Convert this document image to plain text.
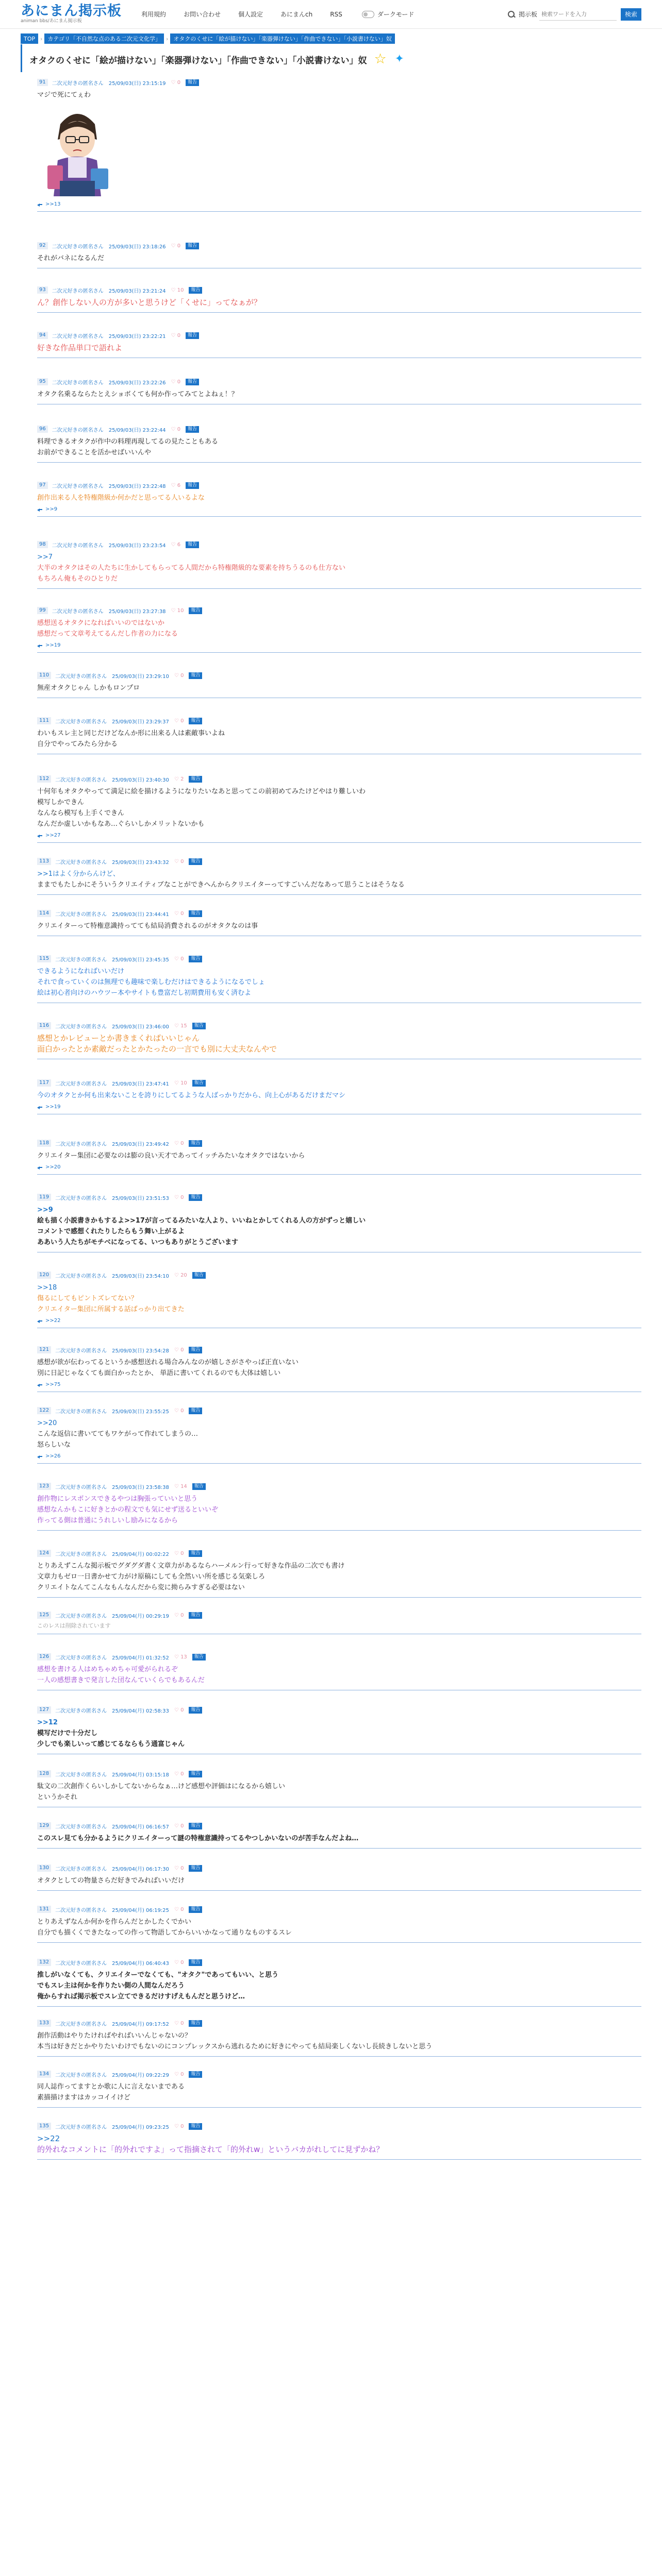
あにまん掲示板
animan bbs/あにまん掲示板
利用規約	お問い合わせ	個人設定	あにまんch	RSS	ダークモード	掲示板
検索ワードを入力	検索
TOP › カテゴリ「不自然な点のある二次元文化学」 › オタクのくせに「絵が描けない」「楽器弾けない」「作曲できない」「小説書けない」奴
オタクのくせに「絵が描けない」「楽器弾けない」「作曲できない」「小説書けない」奴 ☆ ✦
91	二次元好きの匿名さん 25/09/03(日) 23:15:19 ♡ 0	報告
マジで死にてぇわ
>>13
92	二次元好きの匿名さん 25/09/03(日) 23:18:26 ♡ 0	報告
それがバネになるんだ
93	二次元好きの匿名さん 25/09/03(日) 23:21:24 ♡ 10	報告
ん？創作しない人の方が多いと思うけど「くせに」ってなぁが？
94	二次元好きの匿名さん 25/09/03(日) 23:22:21 ♡ 0	報告
好きな作品単口で語れよ
95	二次元好きの匿名さん 25/09/03(日) 23:22:26 ♡ 0	報告
オタク名乗るならたとえショボくても何か作ってみてとよねぇ！？
96	二次元好きの匿名さん 25/09/03(日) 23:22:44 ♡ 0	報告
料理できるオタクが作中の料理再現してるの見たこともある
お前ができることを活かせばいいんや
97	二次元好きの匿名さん 25/09/03(日) 23:22:48 ♡ 6	報告
創作出来る人を特権階級か何かだと思ってる人いるよな
>>9
98	二次元好きの匿名さん 25/09/03(日) 23:23:54 ♡ 6	報告
>>7
大半のオタクはその人たちに生かしてもらってる人間だから特権階級的な要素を持ちうるのも仕方ない
もちろん俺もそのひとりだ
99	二次元好きの匿名さん 25/09/03(日) 23:27:38 ♡ 10	報告
感想送るオタクになればいいのではないか
感想だって文章考えてるんだし作者の力になる
>>19
110	二次元好きの匿名さん 25/09/03(日) 23:29:10 ♡ 0	報告
無産オタクじゃん しかもロンプロ
111	二次元好きの匿名さん 25/09/03(日) 23:29:37 ♡ 0	報告
わいもスレ主と同じだけどなんか形に出来る人は素敵事いよね
自分でやってみたら分かる
112	二次元好きの匿名さん 25/09/03(日) 23:40:30 ♡ 2	報告
十何年もオタクやってて満足に絵を描けるようになりたいなあと思ってこの前初めてみたけどやはり難しいわ
模写しかできん
なんなら模写も上手くできん
なんだか虚しいかもなあ…ぐらいしかメリットないかも
>>27
113	二次元好きの匿名さん 25/09/03(日) 23:43:32 ♡ 0	報告
>>1はよく分からんけど、
ままでもたしかにそういうクリエイティブなことができへんからクリエイターってすごいんだなあって思うことはそうなる
114	二次元好きの匿名さん 25/09/03(日) 23:44:41 ♡ 0	報告
クリエイターって特権意識持ってても結局消費されるのがオタクなのは事
115	二次元好きの匿名さん 25/09/03(日) 23:45:35 ♡ 0	報告
できるようになればいいだけ
それで食っていくのは無理でも趣味で楽しむだけはできるようになるでしょ
絵は初心者向けのハウツー本やサイトも豊富だし初期費用も安く済むよ
116	二次元好きの匿名さん 25/09/03(日) 23:46:00 ♡ 15	報告
感想とかレビューとか書きまくればいいじゃん
面白かったとか素敵だったとかたったの一言でも別に大丈夫なんやで
117	二次元好きの匿名さん 25/09/03(日) 23:47:41 ♡ 10	報告
今のオタクとか何も出来ないことを誇りにしてるような人ばっかりだから、向上心があるだけまだマシ
>>19
118	二次元好きの匿名さん 25/09/03(日) 23:49:42 ♡ 0	報告
クリエイター集団に必要なのは膨の良い天才であってイッチみたいなオタクではないから
>>20
119	二次元好きの匿名さん 25/09/03(日) 23:51:53 ♡ 0	報告
>>9
絵も描く小説書きかもするよ>>17が言ってるみたいな人より、いいねとかしてくれる人の方がずっと嬉しい
コメントで感想くれたりしたらもう舞い上がるよ
ああいう人たちがモチベになってる、いつもありがとうございます
120	二次元好きの匿名さん 25/09/03(日) 23:54:10 ♡ 20	報告
>>18
傷るにしてもピントズレてない？
クリエイター集団に所属する話ばっかり出てきた
>>22
121	二次元好きの匿名さん 25/09/03(日) 23:54:28 ♡ 0	報告
感想が欲が伝わってるというか感想送れる場合みんなのが嬉しさがさやっぱ正直いない
別に日記じゃなくても面白かったとか、 単語に書いてくれるのでも大体は嬉しい
>>75
122	二次元好きの匿名さん 25/09/03(日) 23:55:25 ♡ 0	報告
>>20
こんな返信に書いててもワケがって作れてしまうの…
怒らしいな
>>26
123	二次元好きの匿名さん 25/09/03(日) 23:58:38 ♡ 14	報告
創作物にレスポンスできるやつは胸張っていいと思う
感想なんかもこに好きとかの程文でも気にせず送るといいぞ
作ってる側は普通にうれしいし励みになるから
124	二次元好きの匿名さん 25/09/04(月) 00:02:22 ♡ 0	報告
とりあえずこんな掲示板でグダグダ書く文章力があるならハーメルン行って好きな作品の二次でも書け
文章力もゼロ一日書かせて力がけ原稿にしても全然いい所を感じる気楽しろ
クリエイトなんてこんなもんなんだから変に拗らみすぎる必要はない
125	二次元好きの匿名さん 25/09/04(月) 00:29:19 ♡ 0	報告
このレスは削除されています
126	二次元好きの匿名さん 25/09/04(月) 01:32:52 ♡ 13	報告
感想を書ける人はめちゃめちゃ可愛がられるぞ
一人の感想書きで発言した団なんていくらでもあるんだ
127	二次元好きの匿名さん 25/09/04(月) 02:58:33 ♡ 0	報告
>>12
模写だけで十分だし
少しでも楽しいって感じてるならもう通富じゃん
128	二次元好きの匿名さん 25/09/04(月) 03:15:18 ♡ 0	報告
駄文の二次創作くらいしかしてないからなぁ…けど感想や評価はになるから嬉しい
というかそれ
129	二次元好きの匿名さん 25/09/04(月) 06:16:57 ♡ 0	報告
このスレ見ても分かるようにクリエイターって謎の特権意識持ってるやつしかいないのが苦手なんだよね…
130	二次元好きの匿名さん 25/09/04(月) 06:17:30 ♡ 0	報告
オタクとしての物量さらだ好きでみればいいだけ
131	二次元好きの匿名さん 25/09/04(月) 06:19:25 ♡ 0	報告
とりあえずなんか何かを作らんだとかしたくでかい
自分でも描くくできたなっての作って物語してからいいかなって通りなものするスレ
132	二次元好きの匿名さん 25/09/04(月) 06:40:43 ♡ 0	報告
推しがいなくても、クリエイターでなくても、"オタク"であってもいい、と思う
でもスレ主は何かを作りたい側の人間なんだろう
俺からすれば掲示板でスレ立てできるだけすげえもんだと思うけど…
133	二次元好きの匿名さん 25/09/04(月) 09:17:52 ♡ 0	報告
創作活動はやりたければやればいいんじゃないの？
本当は好きだとかやりたいわけでもないのにコンプレックスから逃れるために好きにやっても結局楽しくないし長続きしないと思う
134	二次元好きの匿名さん 25/09/04(月) 09:22:29 ♡ 0	報告
同人誌作ってますとか歌に人に言えないまである
素描描けますはカッコイイけど
135	二次元好きの匿名さん 25/09/04(月) 09:23:25 ♡ 0	報告
>>22
的外れなコメントに「的外れですよ」って指摘されて「的外れw」というバカがれしてに見ずかね？
